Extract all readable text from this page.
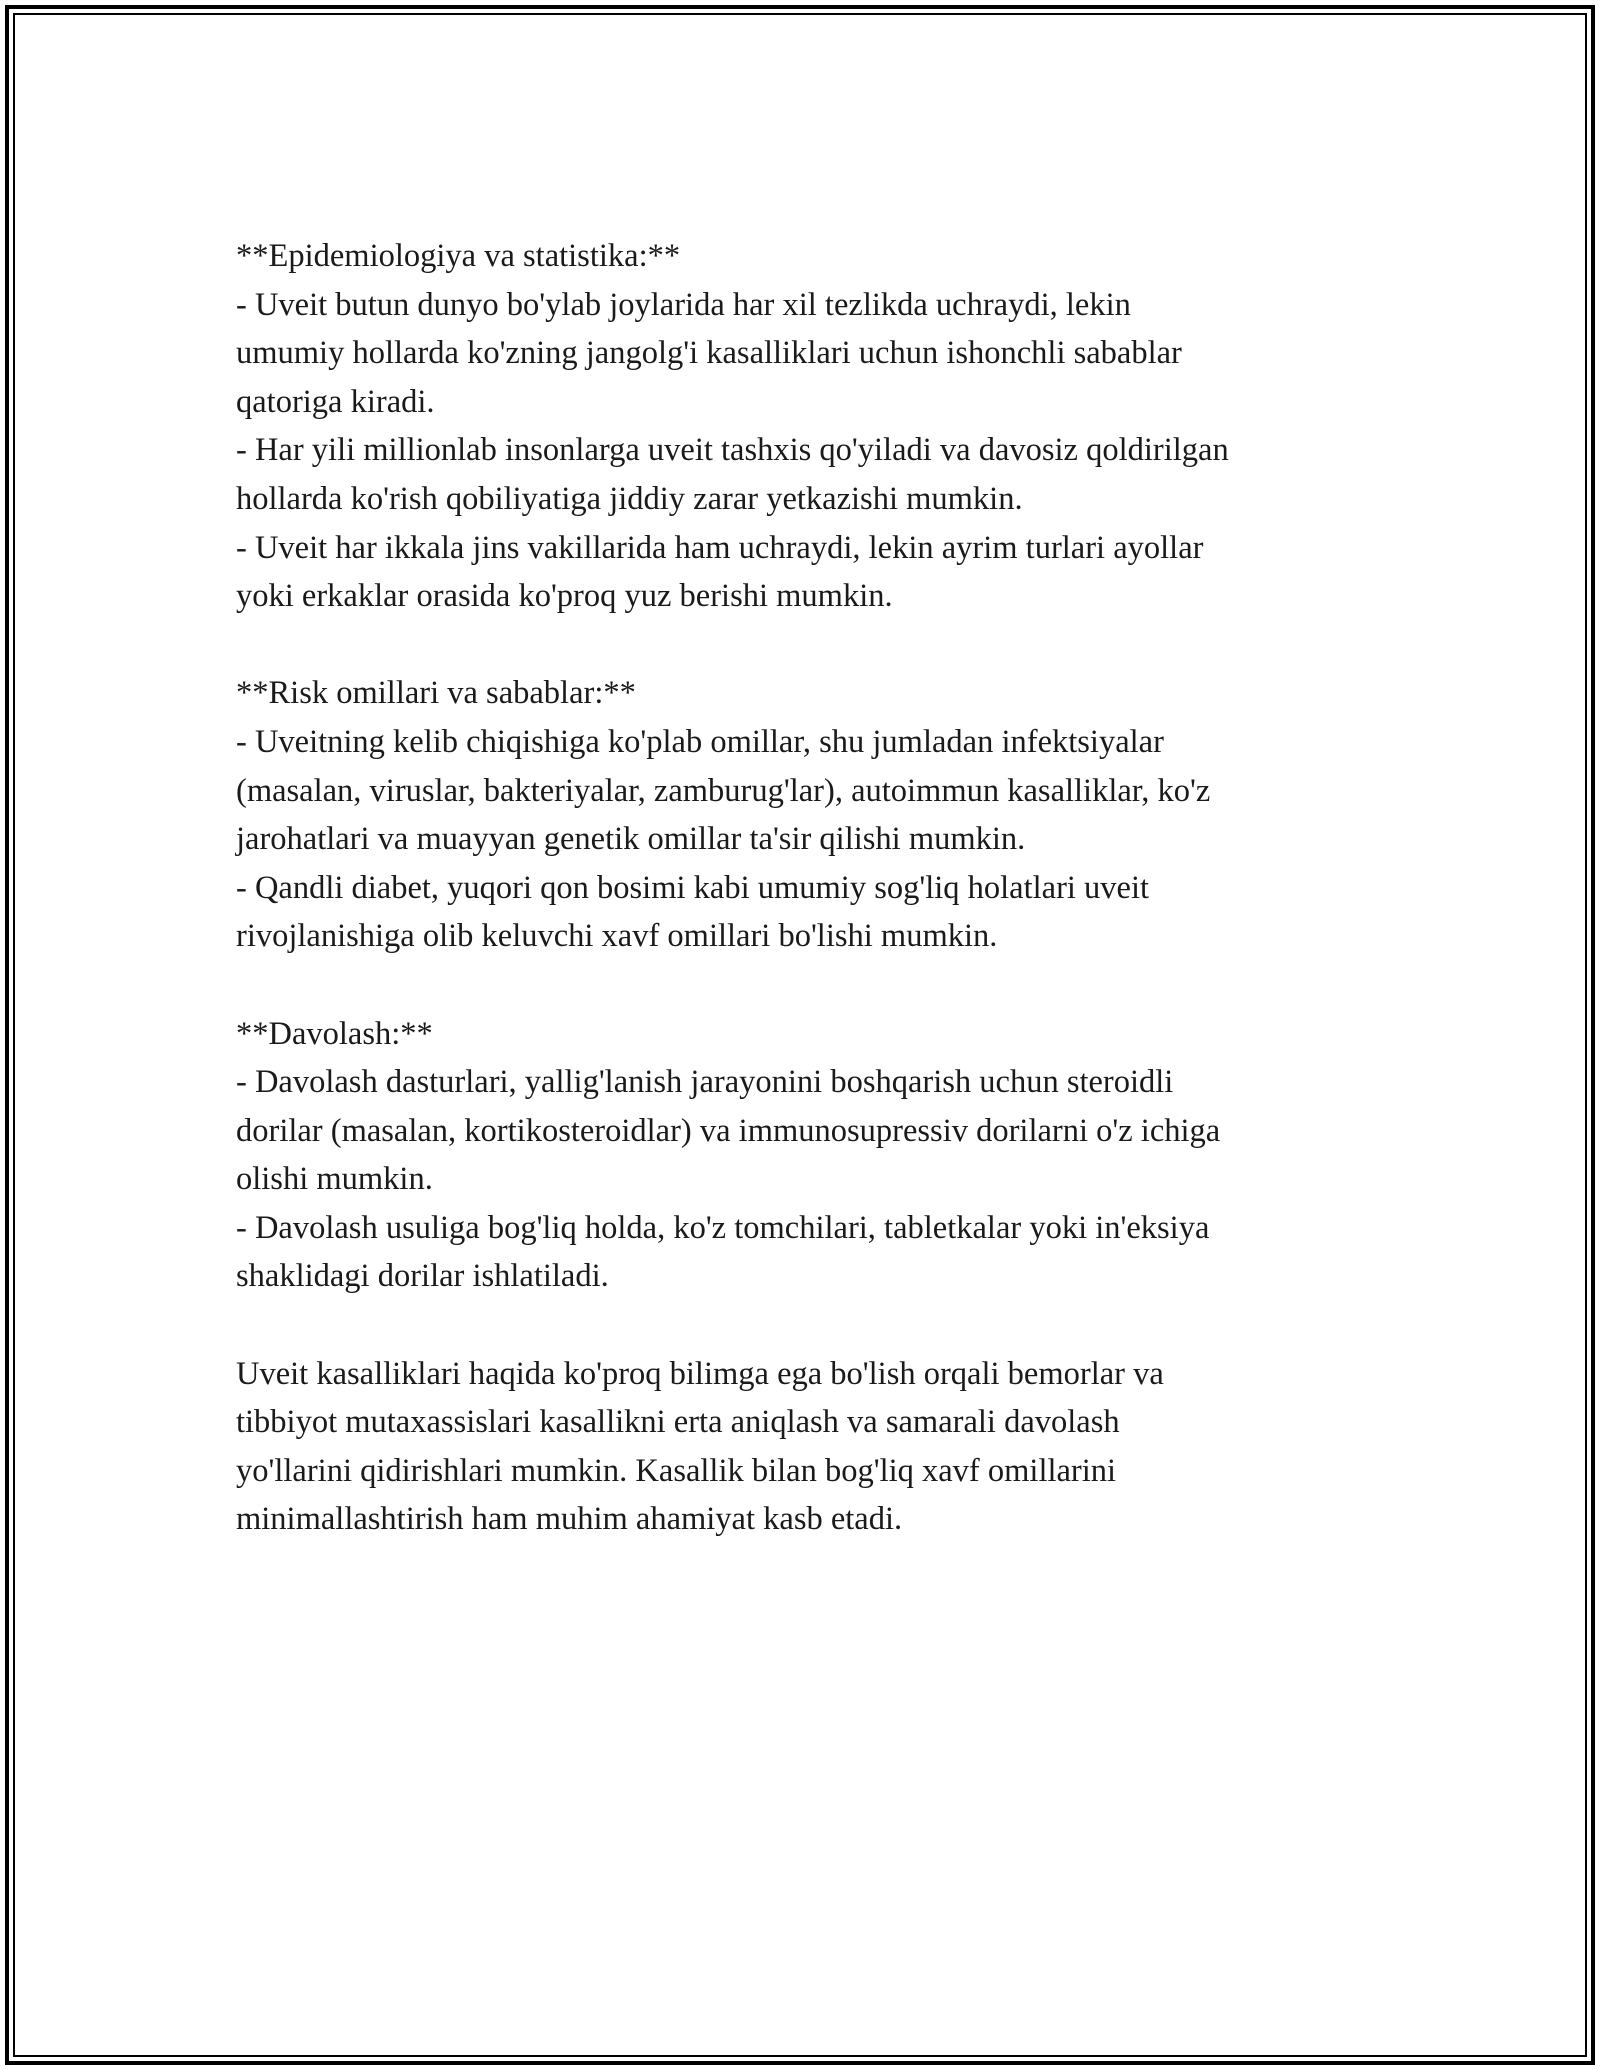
**Epidemiologiya va statistika:**
- Uveit butun dunyo bo'ylab joylarida har xil tezlikda uchraydi, lekin
umumiy hollarda ko'zning jangolg'i kasalliklari uchun ishonchli sabablar
qatoriga kiradi.
- Har yili millionlab insonlarga uveit tashxis qo'yiladi va davosiz qoldirilgan
hollarda ko'rish qobiliyatiga jiddiy zarar yetkazishi mumkin.
- Uveit har ikkala jins vakillarida ham uchraydi, lekin ayrim turlari ayollar
yoki erkaklar orasida ko'proq yuz berishi mumkin.
**Risk omillari va sabablar:**
- Uveitning kelib chiqishiga ko'plab omillar, shu jumladan infektsiyalar
(masalan, viruslar, bakteriyalar, zamburug'lar), autoimmun kasalliklar, ko'z
jarohatlari va muayyan genetik omillar ta'sir qilishi mumkin.
- Qandli diabet, yuqori qon bosimi kabi umumiy sog'liq holatlari uveit
rivojlanishiga olib keluvchi xavf omillari bo'lishi mumkin.
**Davolash:**
- Davolash dasturlari, yallig'lanish jarayonini boshqarish uchun steroidli
dorilar (masalan, kortikosteroidlar) va immunosupressiv dorilarni o'z ichiga
olishi mumkin.
- Davolash usuliga bog'liq holda, ko'z tomchilari, tabletkalar yoki in'eksiya
shaklidagi dorilar ishlatiladi.
Uveit kasalliklari haqida ko'proq bilimga ega bo'lish orqali bemorlar va
tibbiyot mutaxassislari kasallikni erta aniqlash va samarali davolash
yo'llarini qidirishlari mumkin. Kasallik bilan bog'liq xavf omillarini
minimallashtirish ham muhim ahamiyat kasb etadi.
